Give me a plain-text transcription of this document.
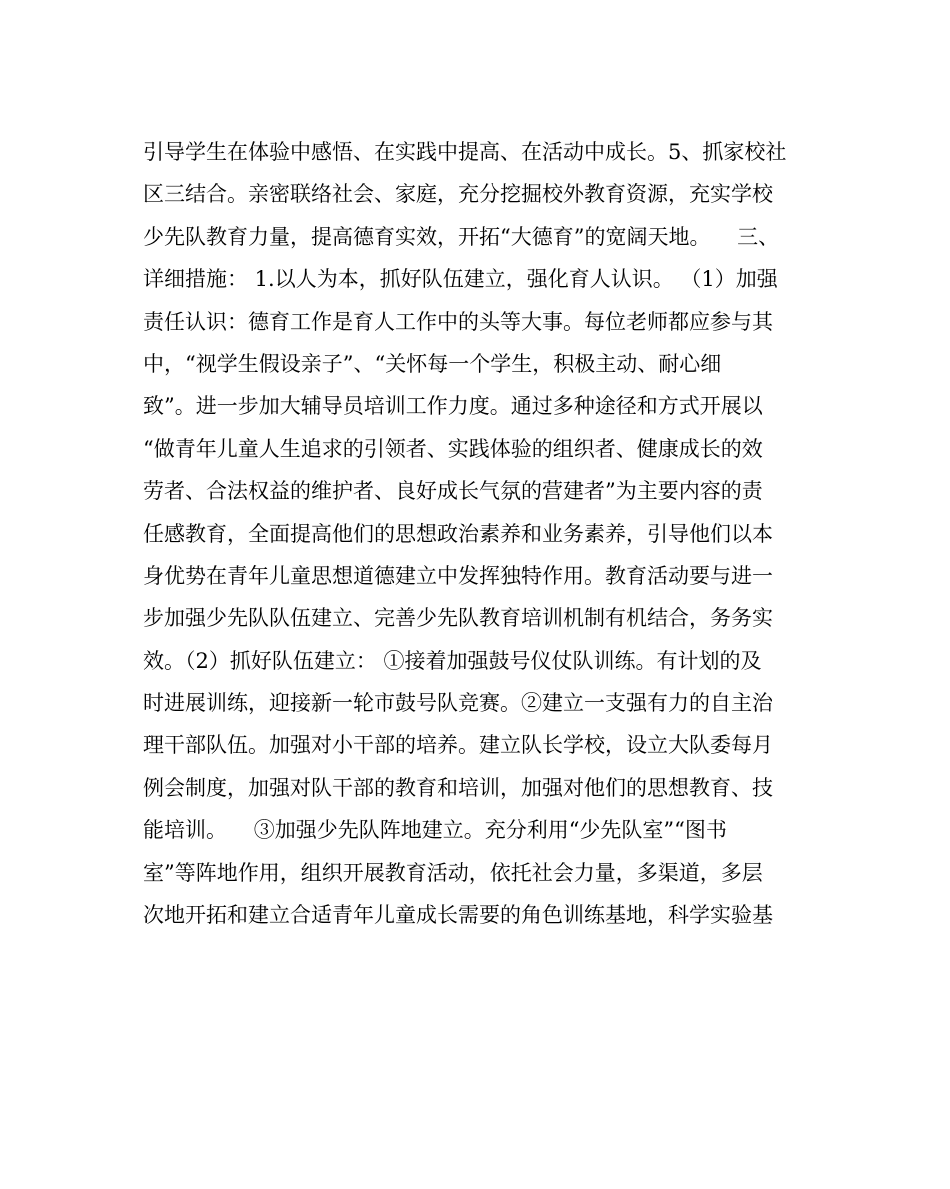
引导学生在体验中感悟、在实践中提高、在活动中成长。5、抓家校社
区三结合。亲密联络社会、家庭，充分挖掘校外教育资源，充实学校
少先队教育力量，提高德育实效，开拓“大德育”的宽阔天地。    三、
详细措施： 1.以人为本，抓好队伍建立，强化育人认识。 （1）加强
责任认识：德育工作是育人工作中的头等大事。每位老师都应参与其
中，“视学生假设亲子”、“关怀每一个学生，积极主动、耐心细
致”。进一步加大辅导员培训工作力度。通过多种途径和方式开展以
“做青年儿童人生追求的引领者、实践体验的组织者、健康成长的效
劳者、合法权益的维护者、良好成长气氛的营建者”为主要内容的责
任感教育，全面提高他们的思想政治素养和业务素养，引导他们以本
身优势在青年儿童思想道德建立中发挥独特作用。教育活动要与进一
步加强少先队队伍建立、完善少先队教育培训机制有机结合，务务实
效。（2）抓好队伍建立： ①接着加强鼓号仪仗队训练。有计划的及
时进展训练，迎接新一轮市鼓号队竞赛。②建立一支强有力的自主治
理干部队伍。加强对小干部的培养。建立队长学校，设立大队委每月
例会制度，加强对队干部的教育和培训，加强对他们的思想教育、技
能培训。    ③加强少先队阵地建立。充分利用“少先队室”“图书
室”等阵地作用，组织开展教育活动，依托社会力量，多渠道，多层
次地开拓和建立合适青年儿童成长需要的角色训练基地，科学实验基
